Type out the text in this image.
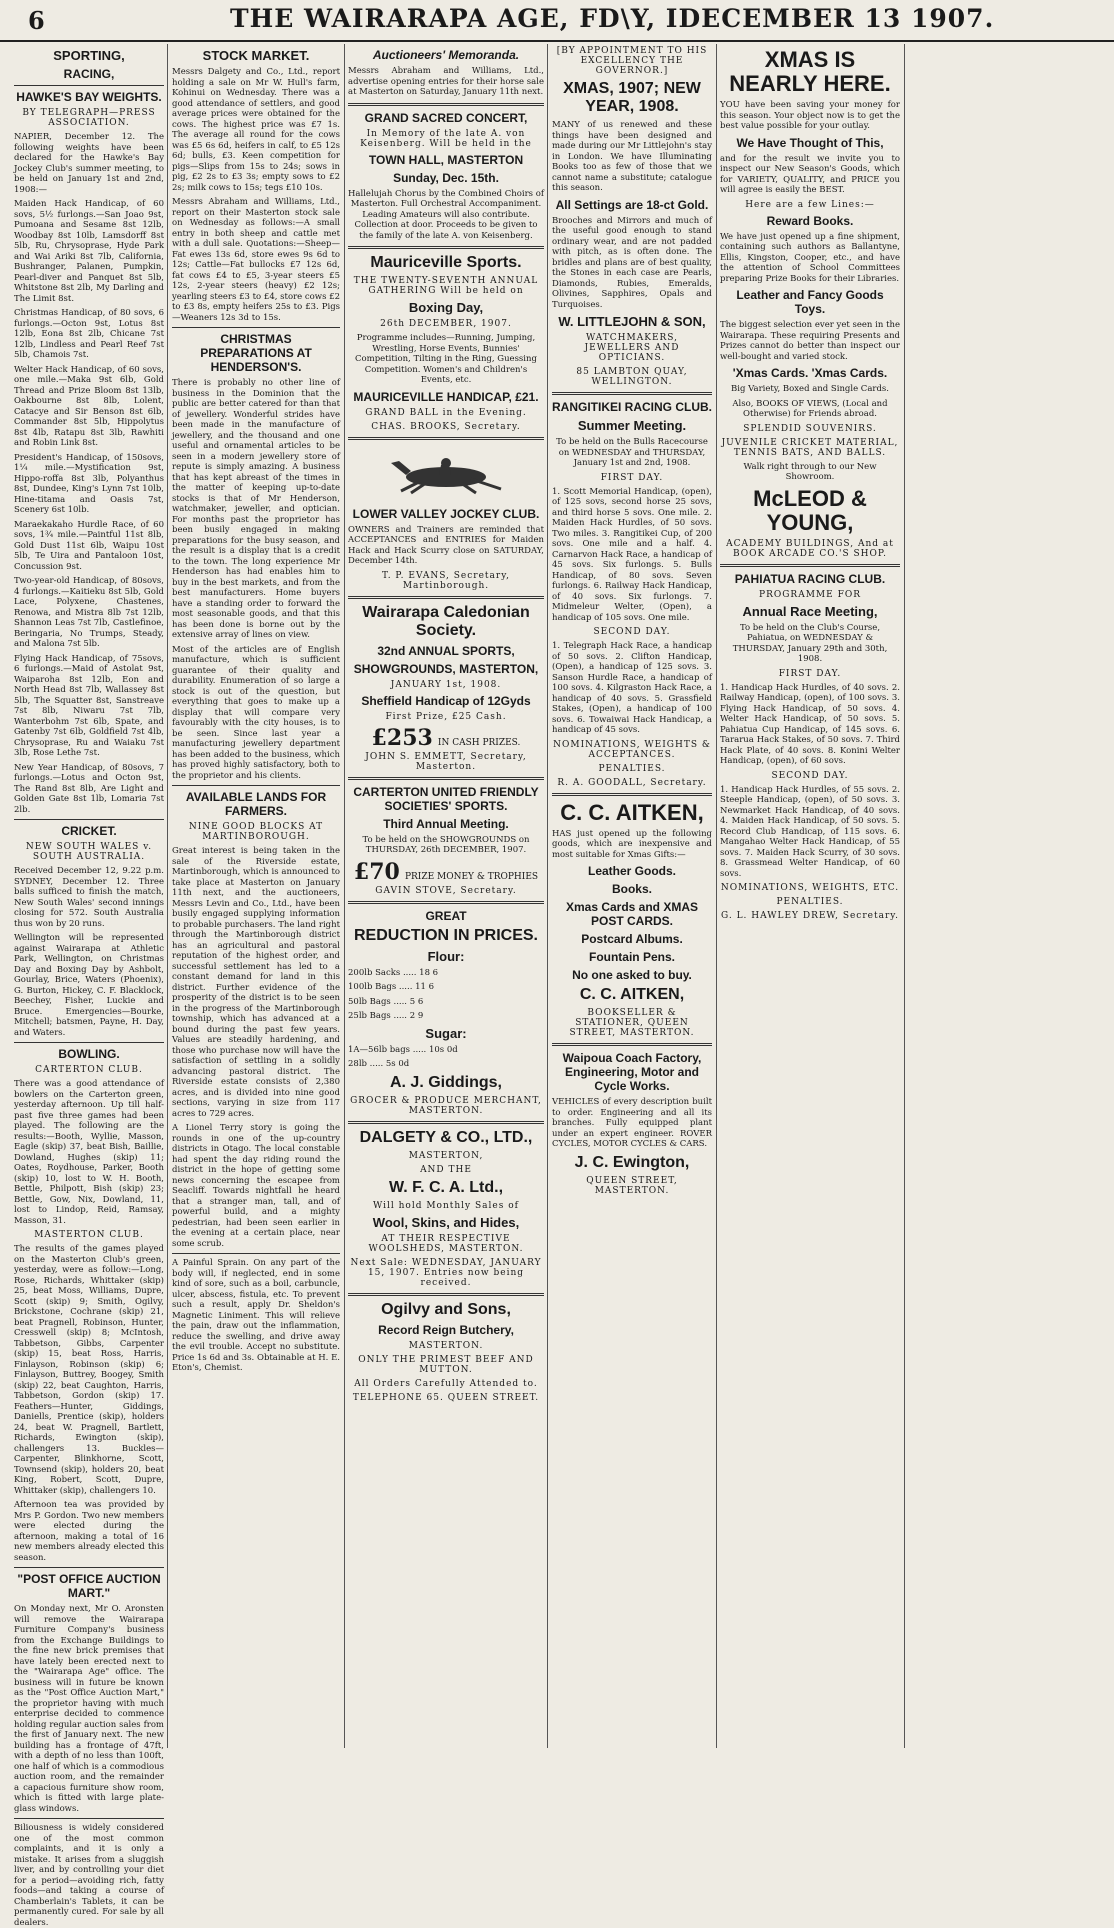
6	THE WAIRARAPA AGE, FD\Y, IDECEMBER 13 1907.
SPORTING,
RACING,
HAWKE'S BAY WEIGHTS.
BY TELEGRAPH—PRESS ASSOCIATION.

NAPIER, December 12. The following weights have been declared for the Hawke's Bay Jockey Club's summer meeting, to be held on January 1st and 2nd, 1908:—

Maiden Hack Handicap, of 60 sovs, 5½ furlongs.—San Joao 9st, Pumoana and Sesame 8st 12lb, Woodbay 8st 10lb, Lamsdorff 8st 5lb, Ru, Chrysoprase, Hyde Park and Wai Ariki 8st 7lb, California, Bushranger, Palanen, Pumpkin, Pearl-diver and Panquet 8st 5lb, Whitstone 8st 2lb, My Darling and The Limit 8st.

Christmas Handicap, of 80 sovs, 6 furlongs.—Octon 9st, Lotus 8st 12lb, Eona 8st 2lb, Chicane 7st 12lb, Lindless and Pearl Reef 7st 5lb, Chamois 7st.

Welter Hack Handicap, of 60 sovs, one mile.—Maka 9st 6lb, Gold Thread and Prize Bloom 8st 13lb, Oakbourne 8st 8lb, Lolent, Catacye and Sir Benson 8st 6lb, Commander 8st 5lb, Hippolytus 8st 4lb, Ratapu 8st 3lb, Rawhiti and Robin Link 8st.

President's Handicap, of 150sovs, 1¼ mile.—Mystification 9st, Hippo-roffa 8st 3lb, Polyanthus 8st, Dundee, King's Lynn 7st 10lb, Hine-titama and Oasis 7st, Scenery 6st 10lb.

Maraekakaho Hurdle Race, of 60 sovs, 1¾ mile.—Paintful 11st 8lb, Gold Dust 11st 6lb, Waipu 10st 5lb, Te Uira and Pantaloon 10st, Concussion 9st.

Two-year-old Handicap, of 80sovs, 4 furlongs.—Kaitieku 8st 5lb, Gold Lace, Polyxene, Chastenes, Renowa, and Mistra 8lb 7st 12lb, Shannon Leas 7st 7lb, Castlefinoe, Beringaria, No Trumps, Steady, and Malona 7st 5lb.

Flying Hack Handicap, of 75sovs, 6 furlongs.—Maid of Astolat 9st, Waiparoha 8st 12lb, Eon and North Head 8st 7lb, Wallassey 8st 5lb, The Squatter 8st, Sanstreave 7st 8lb, Niwaru 7st 7lb, Wanterbohm 7st 6lb, Spate, and Gatenby 7st 6lb, Goldfield 7st 4lb, Chrysoprase, Ru and Waiaku 7st 3lb, Rose Lethe 7st.

New Year Handicap, of 80sovs, 7 furlongs.—Lotus and Octon 9st, The Rand 8st 8lb, Are Light and Golden Gate 8st 1lb, Lomaria 7st 2lb.

CRICKET.
NEW SOUTH WALES v. SOUTH AUSTRALIA.

Received December 12, 9.22 p.m. SYDNEY, December 12. Three balls sufficed to finish the match, New South Wales' second innings closing for 572. South Australia thus won by 20 runs.

Wellington will be represented against Wairarapa at Athletic Park, Wellington, on Christmas Day and Boxing Day by Ashbolt, Gourlay, Brice, Waters (Phoenix), G. Burton, Hickey, C. F. Blacklock, Beechey, Fisher, Luckie and Bruce. Emergencies—Bourke, Mitchell; batsmen, Payne, H. Day, and Waters.

BOWLING.
CARTERTON CLUB.

There was a good attendance of bowlers on the Carterton green, yesterday afternoon. Up till half-past five three games had been played. The following are the results:—Booth, Wyllie, Masson, Eagle (skip) 37, beat Bish, Baillie, Dowland, Hughes (skip) 11; Oates, Roydhouse, Parker, Booth (skip) 10, lost to W. H. Booth, Bettle, Philpott, Bish (skip) 23; Bettle, Gow, Nix, Dowland, 11, lost to Lindop, Reid, Ramsay, Masson, 31.

MASTERTON CLUB.

The results of the games played on the Masterton Club's green, yesterday, were as follow:—Long, Rose, Richards, Whittaker (skip) 25, beat Moss, Williams, Dupre, Scott (skip) 9; Smith, Ogilvy, Brickstone, Cochrane (skip) 21, beat Pragnell, Robinson, Hunter, Cresswell (skip) 8; McIntosh, Tabbetson, Gibbs, Carpenter (skip) 15, beat Ross, Harris, Finlayson, Robinson (skip) 6; Finlayson, Buttrey, Boogey, Smith (skip) 22, beat Caughton, Harris, Tabbetson, Gordon (skip) 17. Feathers—Hunter, Giddings, Daniells, Prentice (skip), holders 24, beat W. Pragnell, Bartlett, Richards, Ewington (skip), challengers 13. Buckles—Carpenter, Blinkhorne, Scott, Townsend (skip), holders 20, beat King, Robert, Scott, Dupre, Whittaker (skip), challengers 10.

Afternoon tea was provided by Mrs P. Gordon. Two new members were elected during the afternoon, making a total of 16 new members already elected this season.

"POST OFFICE AUCTION MART."

On Monday next, Mr O. Aronsten will remove the Wairarapa Furniture Company's business from the Exchange Buildings to the fine new brick premises that have lately been erected next to the "Wairarapa Age" office. The business will in future be known as the "Post Office Auction Mart," the proprietor having with much enterprise decided to commence holding regular auction sales from the first of January next. The new building has a frontage of 47ft, with a depth of no less than 100ft, one half of which is a commodious auction room, and the remainder a capacious furniture show room, which is fitted with large plate-glass windows.

Biliousness is widely considered one of the most common complaints, and it is only a mistake. It arises from a sluggish liver, and by controlling your diet for a period—avoiding rich, fatty foods—and taking a course of Chamberlain's Tablets, it can be permanently cured. For sale by all dealers.

STOCK MARKET.

Messrs Dalgety and Co., Ltd., report holding a sale on Mr W. Hull's farm, Kohinui on Wednesday. There was a good attendance of settlers, and good average prices were obtained for the cows. The highest price was £7 1s. The average all round for the cows was £5 6s 6d, heifers in calf, to £5 12s 6d; bulls, £3. Keen competition for pigs—Slips from 15s to 24s; sows in pig, £2 2s to £3 3s; empty sows to £2 2s; milk cows to 15s; tegs £10 10s.

Messrs Abraham and Williams, Ltd., report on their Masterton stock sale on Wednesday as follows:—A small entry in both sheep and cattle met with a dull sale. Quotations:—Sheep—Fat ewes 13s 6d, store ewes 9s 6d to 12s; Cattle—Fat bullocks £7 12s 6d, fat cows £4 to £5, 3-year steers £5 12s, 2-year steers (heavy) £2 12s; yearling steers £3 to £4, store cows £2 to £3 8s, empty heifers 25s to £3. Pigs—Weaners 12s 3d to 15s.

CHRISTMAS PREPARATIONS AT HENDERSON'S.

There is probably no other line of business in the Dominion that the public are better catered for than that of jewellery. Wonderful strides have been made in the manufacture of jewellery, and the thousand and one useful and ornamental articles to be seen in a modern jewellery store of repute is simply amazing. A business that has kept abreast of the times in the matter of keeping up-to-date stocks is that of Mr Henderson, watchmaker, jeweller, and optician. For months past the proprietor has been busily engaged in making preparations for the busy season, and the result is a display that is a credit to the town. The long experience Mr Henderson has had enables him to buy in the best markets, and from the best manufacturers. Home buyers have a standing order to forward the most seasonable goods, and that this has been done is borne out by the extensive array of lines on view.

Most of the articles are of English manufacture, which is sufficient guarantee of their quality and durability. Enumeration of so large a stock is out of the question, but everything that goes to make up a display that will compare very favourably with the city houses, is to be seen. Since last year a manufacturing jewellery department has been added to the business, which has proved highly satisfactory, both to the proprietor and his clients.

AVAILABLE LANDS FOR FARMERS.
NINE GOOD BLOCKS AT MARTINBOROUGH.

Great interest is being taken in the sale of the Riverside estate, Martinborough, which is announced to take place at Masterton on January 11th next, and the auctioneers, Messrs Levin and Co., Ltd., have been busily engaged supplying information to probable purchasers. The land right through the Martinborough district has an agricultural and pastoral reputation of the highest order, and successful settlement has led to a constant demand for land in this district. Further evidence of the prosperity of the district is to be seen in the progress of the Martinborough township, which has advanced at a bound during the past few years. Values are steadily hardening, and those who purchase now will have the satisfaction of settling in a solidly advancing pastoral district. The Riverside estate consists of 2,380 acres, and is divided into nine good sections, varying in size from 117 acres to 729 acres.

A Lionel Terry story is going the rounds in one of the up-country districts in Otago. The local constable had spent the day riding round the district in the hope of getting some news concerning the escapee from Seacliff. Towards nightfall he heard that a stranger man, tall, and of powerful build, and a mighty pedestrian, had been seen earlier in the evening at a certain place, near some scrub.

A Painful Sprain. On any part of the body will, if neglected, end in some kind of sore, such as a boil, carbuncle, ulcer, abscess, fistula, etc. To prevent such a result, apply Dr. Sheldon's Magnetic Liniment. This will relieve the pain, draw out the inflammation, reduce the swelling, and drive away the evil trouble. Accept no substitute. Price 1s 6d and 3s. Obtainable at H. E. Eton's, Chemist.

Auctioneers' Memoranda.

Messrs Abraham and Williams, Ltd., advertise opening entries for their horse sale at Masterton on Saturday, January 11th next.

GRAND SACRED CONCERT,
In Memory of the late A. von Keisenberg. Will be held in the
TOWN HALL, MASTERTON
Sunday, Dec. 15th.

Hallelujah Chorus by the Combined Choirs of Masterton. Full Orchestral Accompaniment. Leading Amateurs will also contribute. Collection at door. Proceeds to be given to the family of the late A. von Keisenberg.

Mauriceville Sports.
THE TWENTY-SEVENTH ANNUAL GATHERING Will be held on
Boxing Day,
26th DECEMBER, 1907.

Programme includes—Running, Jumping, Wrestling, Horse Events, Bunnies' Competition, Tilting in the Ring, Guessing Competition. Women's and Children's Events, etc.

MAURICEVILLE HANDICAP, £21.
GRAND BALL in the Evening.
CHAS. BROOKS, Secretary.
LOWER VALLEY JOCKEY CLUB.

OWNERS and Trainers are reminded that ACCEPTANCES and ENTRIES for Maiden Hack and Hack Scurry close on SATURDAY, December 14th.

T. P. EVANS, Secretary, Martinborough.
Wairarapa Caledonian Society.
32nd ANNUAL SPORTS,
SHOWGROUNDS, MASTERTON,
JANUARY 1st, 1908.
Sheffield Handicap of 12Gyds
First Prize, £25 Cash.
£253 IN CASH PRIZES.
JOHN S. EMMETT, Secretary, Masterton.
CARTERTON UNITED FRIENDLY SOCIETIES' SPORTS.
Third Annual Meeting.

To be held on the SHOWGROUNDS on THURSDAY, 26th DECEMBER, 1907.

£70 PRIZE MONEY & TROPHIES
GAVIN STOVE, Secretary.
GREAT
REDUCTION IN PRICES.
Flour:
200lb Sacks ..... 18 6
100lb Bags ..... 11 6
50lb Bags ..... 5 6
25lb Bags ..... 2 9
Sugar:
1A—56lb bags ..... 10s 0d
28lb ..... 5s 0d
A. J. Giddings,
GROCER & PRODUCE MERCHANT, MASTERTON.
DALGETY & CO., LTD.,
MASTERTON,
AND THE
W. F. C. A. Ltd.,
Will hold Monthly Sales of
Wool, Skins, and Hides,
AT THEIR RESPECTIVE WOOLSHEDS, MASTERTON.
Next Sale: WEDNESDAY, JANUARY 15, 1907. Entries now being received.
Ogilvy and Sons,
Record Reign Butchery,
MASTERTON.
ONLY THE PRIMEST BEEF AND MUTTON.
All Orders Carefully Attended to.
TELEPHONE 65. QUEEN STREET.
[BY APPOINTMENT TO HIS EXCELLENCY THE GOVERNOR.]
XMAS, 1907; NEW YEAR, 1908.

MANY of us renewed and these things have been designed and made during our Mr Littlejohn's stay in London. We have Illuminating Books too as few of those that we cannot name a substitute; catalogue this season.

All Settings are 18-ct Gold.

Brooches and Mirrors and much of the useful good enough to stand ordinary wear, and are not padded with pitch, as is often done. The bridles and plans are of best quality, the Stones in each case are Pearls, Diamonds, Rubies, Emeralds, Olivines, Sapphires, Opals and Turquoises.

W. LITTLEJOHN & SON,
WATCHMAKERS, JEWELLERS AND OPTICIANS.
85 LAMBTON QUAY, WELLINGTON.
RANGITIKEI RACING CLUB.
Summer Meeting.

To be held on the Bulls Racecourse on WEDNESDAY and THURSDAY, January 1st and 2nd, 1908.

FIRST DAY.

1. Scott Memorial Handicap, (open), of 125 sovs, second horse 25 sovs, and third horse 5 sovs. One mile. 2. Maiden Hack Hurdles, of 50 sovs. Two miles. 3. Rangitikei Cup, of 200 sovs. One mile and a half. 4. Carnarvon Hack Race, a handicap of 45 sovs. Six furlongs. 5. Bulls Handicap, of 80 sovs. Seven furlongs. 6. Railway Hack Handicap, of 40 sovs. Six furlongs. 7. Midmeleur Welter, (Open), a handicap of 105 sovs. One mile.

SECOND DAY.

1. Telegraph Hack Race, a handicap of 50 sovs. 2. Clifton Handicap, (Open), a handicap of 125 sovs. 3. Sanson Hurdle Race, a handicap of 100 sovs. 4. Kilgraston Hack Race, a handicap of 40 sovs. 5. Grassfield Stakes, (Open), a handicap of 100 sovs. 6. Towaiwai Hack Handicap, a handicap of 45 sovs.

NOMINATIONS, WEIGHTS & ACCEPTANCES.
PENALTIES.
R. A. GOODALL, Secretary.
C. C. AITKEN,

HAS just opened up the following goods, which are inexpensive and most suitable for Xmas Gifts:—

Leather Goods.
Books.
Xmas Cards and XMAS POST CARDS.
Postcard Albums.
Fountain Pens.
No one asked to buy.
C. C. AITKEN,
BOOKSELLER & STATIONER, QUEEN STREET, MASTERTON.
Waipoua Coach Factory, Engineering, Motor and Cycle Works.

VEHICLES of every description built to order. Engineering and all its branches. Fully equipped plant under an expert engineer. ROVER CYCLES, MOTOR CYCLES & CARS.

J. C. Ewington,
QUEEN STREET, MASTERTON.
XMAS IS NEARLY HERE.

YOU have been saving your money for this season. Your object now is to get the best value possible for your outlay.

We Have Thought of This,

and for the result we invite you to inspect our New Season's Goods, which for VARIETY, QUALITY, and PRICE you will agree is easily the BEST.

Here are a few Lines:—
Reward Books.

We have just opened up a fine shipment, containing such authors as Ballantyne, Ellis, Kingston, Cooper, etc., and have the attention of School Committees preparing Prize Books for their Libraries.

Leather and Fancy Goods Toys.

The biggest selection ever yet seen in the Wairarapa. These requiring Presents and Prizes cannot do better than inspect our well-bought and varied stock.

'Xmas Cards. 'Xmas Cards.

Big Variety, Boxed and Single Cards.

Also, BOOKS OF VIEWS, (Local and Otherwise) for Friends abroad.

SPLENDID SOUVENIRS.
JUVENILE CRICKET MATERIAL, TENNIS BATS, AND BALLS.

Walk right through to our New Showroom.

McLEOD & YOUNG,
ACADEMY BUILDINGS, And at BOOK ARCADE CO.'S SHOP.
PAHIATUA RACING CLUB.
PROGRAMME FOR
Annual Race Meeting,

To be held on the Club's Course, Pahiatua, on WEDNESDAY & THURSDAY, January 29th and 30th, 1908.

FIRST DAY.

1. Handicap Hack Hurdles, of 40 sovs. 2. Railway Handicap, (open), of 100 sovs. 3. Flying Hack Handicap, of 50 sovs. 4. Welter Hack Handicap, of 50 sovs. 5. Pahiatua Cup Handicap, of 145 sovs. 6. Tararua Hack Stakes, of 50 sovs. 7. Third Hack Plate, of 40 sovs. 8. Konini Welter Handicap, (open), of 60 sovs.

SECOND DAY.

1. Handicap Hack Hurdles, of 55 sovs. 2. Steeple Handicap, (open), of 50 sovs. 3. Newmarket Hack Handicap, of 40 sovs. 4. Maiden Hack Handicap, of 50 sovs. 5. Record Club Handicap, of 115 sovs. 6. Mangahao Welter Hack Handicap, of 55 sovs. 7. Maiden Hack Scurry, of 30 sovs. 8. Grassmead Welter Handicap, of 60 sovs.

NOMINATIONS, WEIGHTS, ETC.
PENALTIES.
G. L. HAWLEY DREW, Secretary.
